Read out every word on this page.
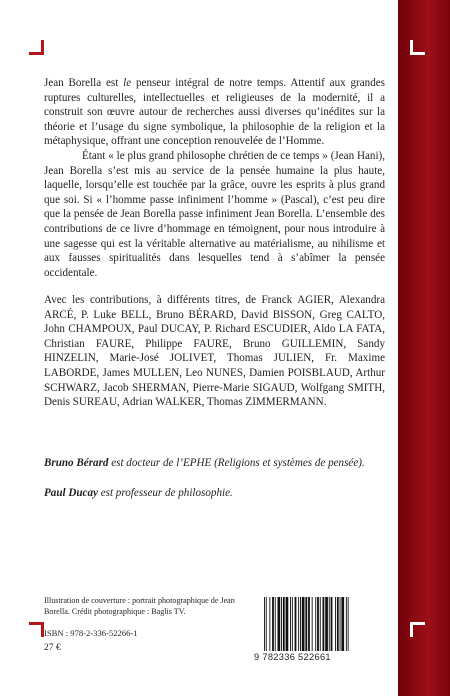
Jean Borella est le penseur intégral de notre temps. Attentif aux grandes ruptures culturelles, intellectuelles et religieuses de la modernité, il a construit son œuvre autour de recherches aussi diverses qu’inédites sur la théorie et l’usage du signe symbolique, la philosophie de la religion et la métaphysique, offrant une conception renouvelée de l’Homme.

Étant « le plus grand philosophe chrétien de ce temps » (Jean Hani), Jean Borella s’est mis au service de la pensée humaine la plus haute, laquelle, lorsqu’elle est touchée par la grâce, ouvre les esprits à plus grand que soi. Si « l’homme passe infiniment l’homme » (Pascal), c’est peu dire que la pensée de Jean Borella passe infiniment Jean Borella. L’ensemble des contributions de ce livre d’hommage en témoignent, pour nous introduire à une sagesse qui est la véritable alternative au matérialisme, au nihilisme et aux fausses spiritualités dans lesquelles tend à s’abîmer la pensée occidentale.

Avec les contributions, à différents titres, de Franck AGIER, Alexandra ARCÉ, P. Luke BELL, Bruno BÉRARD, David BISSON, Greg CALTO, John CHAMPOUX, Paul DUCAY, P. Richard ESCUDIER, Aldo LA FATA, Christian FAURE, Philippe FAURE, Bruno GUILLEMIN, Sandy HINZELIN, Marie-José JOLIVET, Thomas JULIEN, Fr. Maxime LABORDE, James MULLEN, Leo NUNES, Damien POISBLAUD, Arthur SCHWARZ, Jacob SHERMAN, Pierre-Marie SIGAUD, Wolfgang SMITH, Denis SUREAU, Adrian WALKER, Thomas ZIMMERMANN.

Bruno Bérard est docteur de l’EPHE (Religions et systèmes de pensée).
Paul Ducay est professeur de philosophie.
Illustration de couverture : portrait photographique de Jean Borella. Crédit photographique : Baglis TV.
ISBN : 978-2-336-52266-1
27 €
9 782336 522661
